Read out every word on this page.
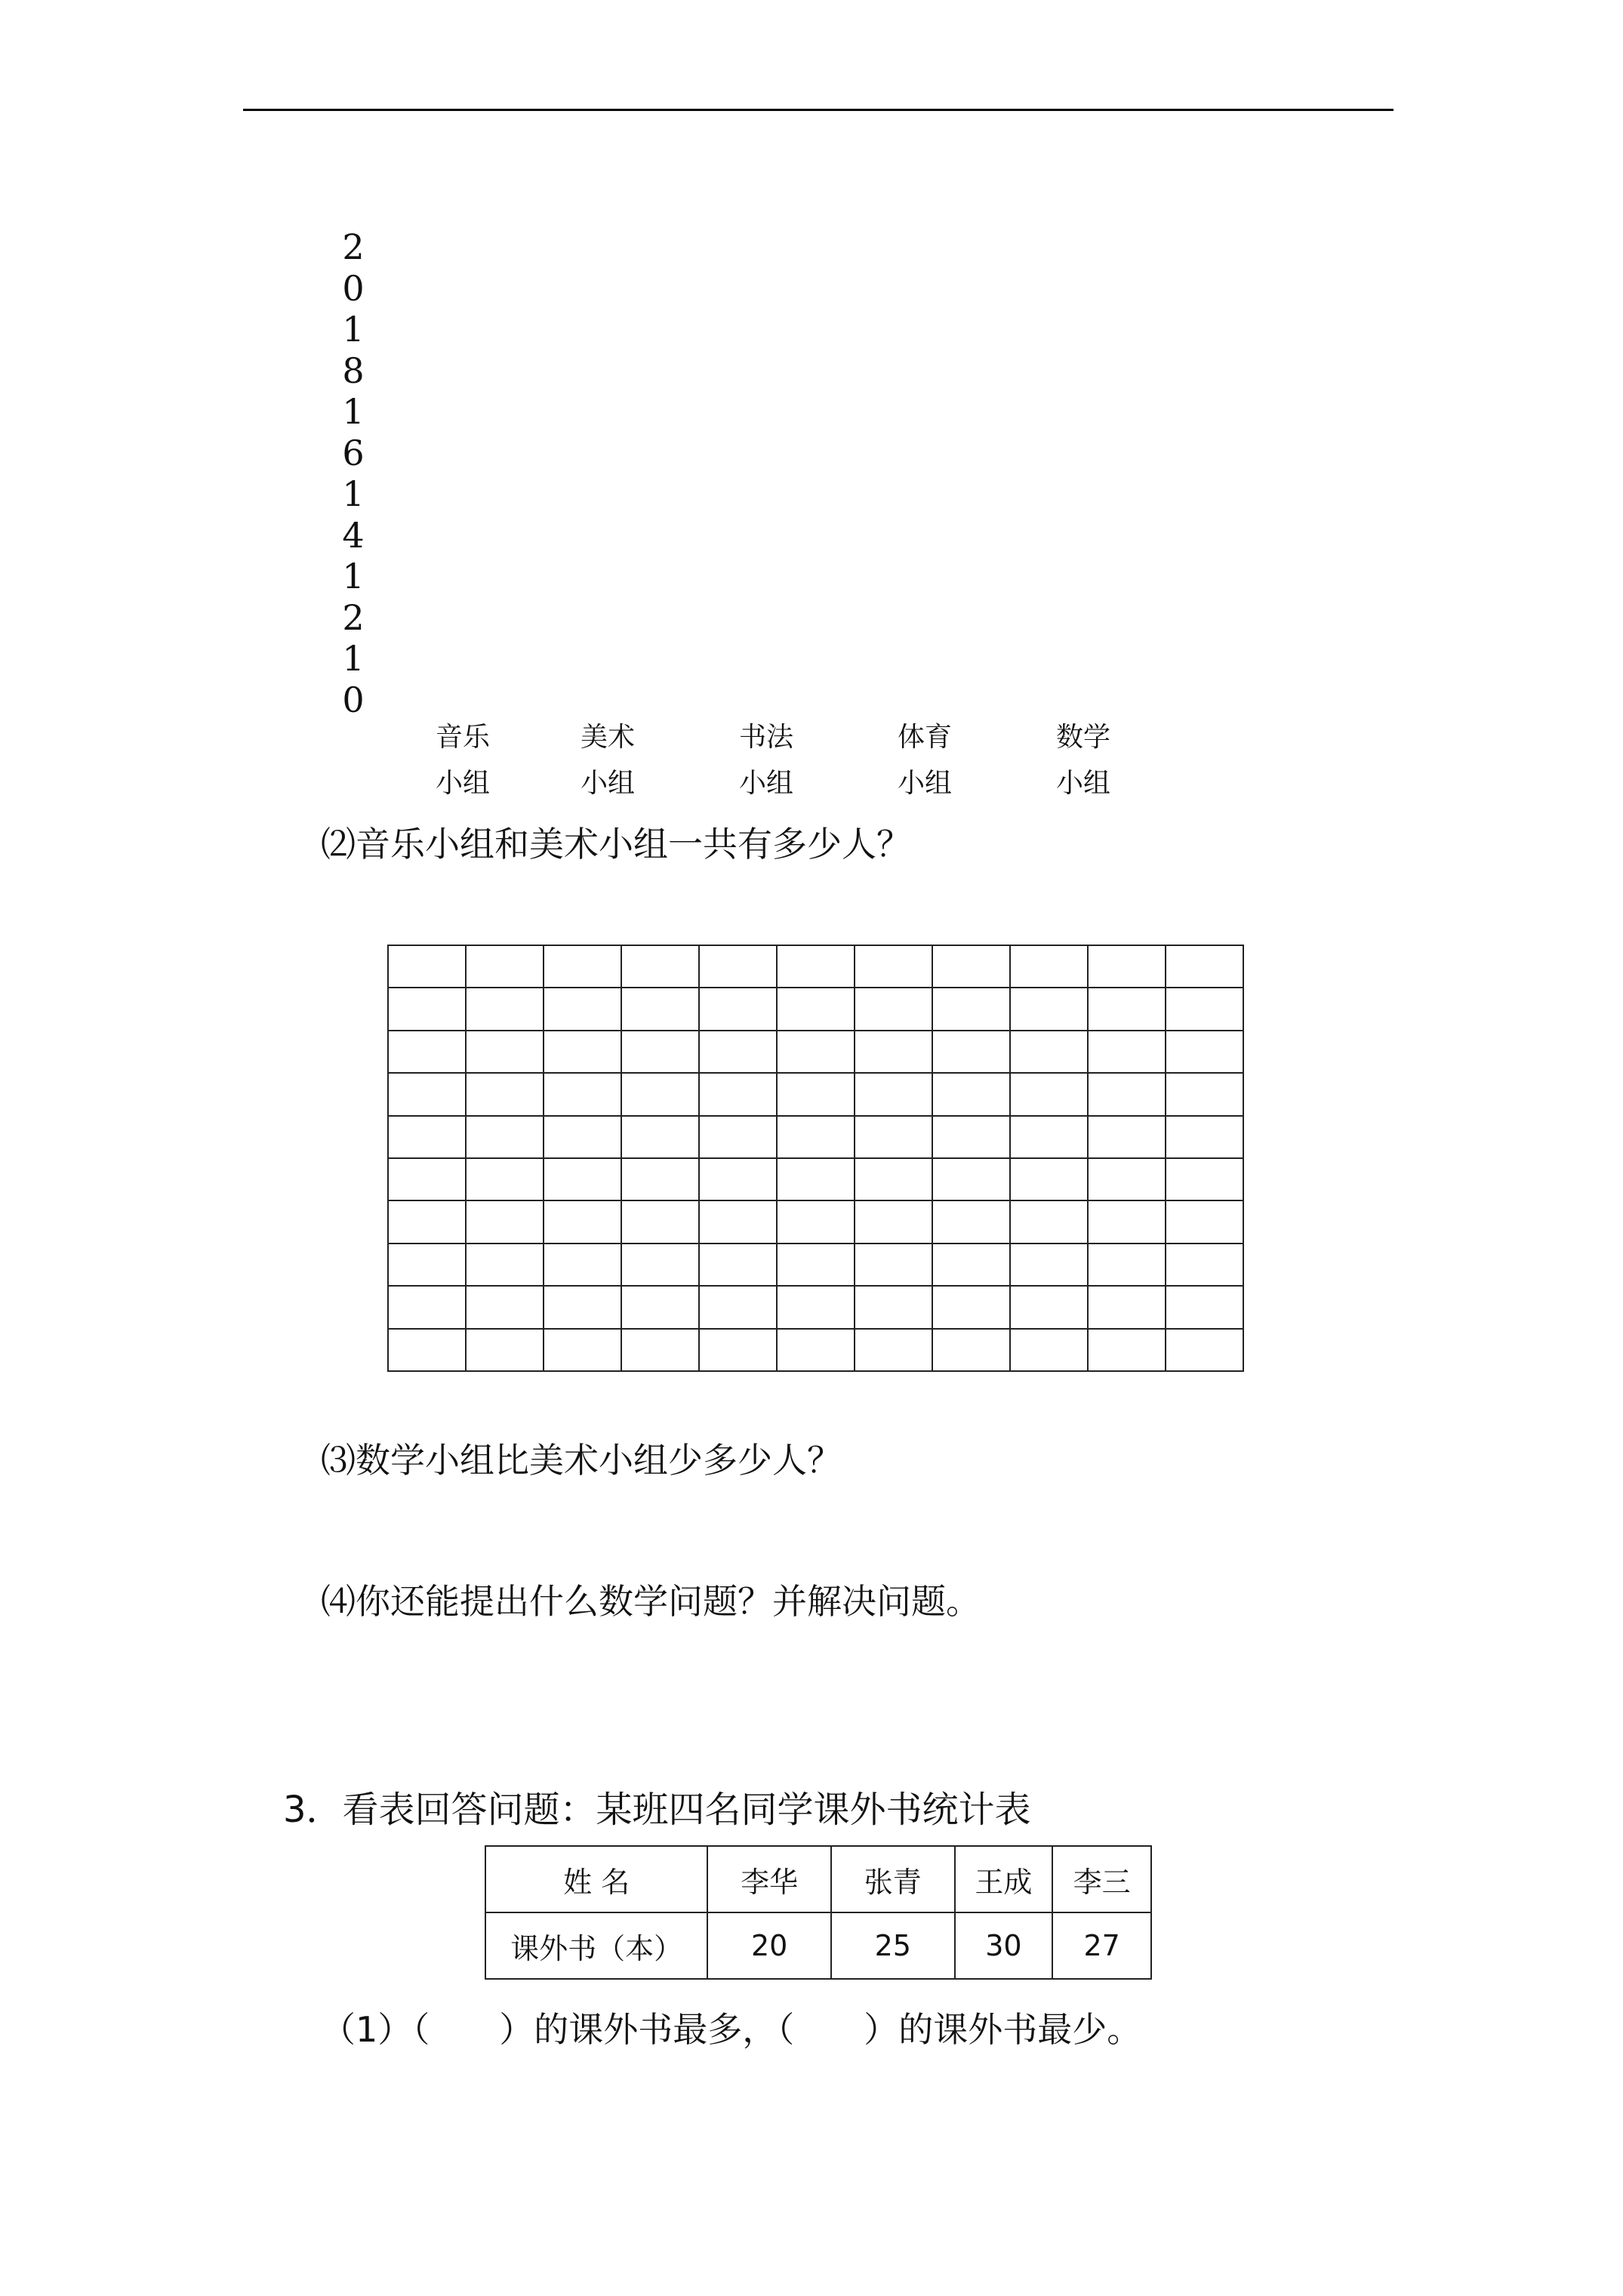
2
0
1
8
1
6
1
4
1
2
1
0
音乐
小组
美术
小组
书法
小组
体育
小组
数学
小组
⑵音乐小组和美术小组一共有多少人？

⑶数学小组比美术小组少多少人？
⑷你还能提出什么数学问题？并解决问题。
3．看表回答问题：某班四名同学课外书统计表
姓 名	李华	张青	王成	李三
课外书（本）	20	25	30	27
（1）（　　）的课外书最多，（　　）的课外书最少。
